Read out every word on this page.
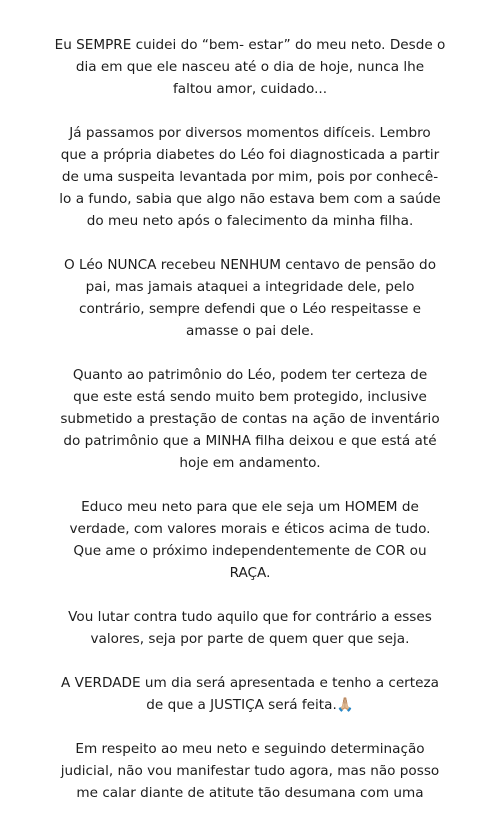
Eu SEMPRE cuidei do “bem- estar” do meu neto. Desde o
dia em que ele nasceu até o dia de hoje, nunca lhe
faltou amor, cuidado...

Já passamos por diversos momentos difíceis. Lembro
que a própria diabetes do Léo foi diagnosticada a partir
de uma suspeita levantada por mim, pois por conhecê-
lo a fundo, sabia que algo não estava bem com a saúde
do meu neto após o falecimento da minha filha.

O Léo NUNCA recebeu NENHUM centavo de pensão do
pai, mas jamais ataquei a integridade dele, pelo
contrário, sempre defendi que o Léo respeitasse e
amasse o pai dele.

Quanto ao patrimônio do Léo, podem ter certeza de
que este está sendo muito bem protegido, inclusive
submetido a prestação de contas na ação de inventário
do patrimônio que a MINHA filha deixou e que está até
hoje em andamento.

Educo meu neto para que ele seja um HOMEM de
verdade, com valores morais e éticos acima de tudo.
Que ame o próximo independentemente de COR ou
RAÇA.

Vou lutar contra tudo aquilo que for contrário a esses
valores, seja por parte de quem quer que seja.

A VERDADE um dia será apresentada e tenho a certeza
de que a JUSTIÇA será feita.🙏🏼

Em respeito ao meu neto e seguindo determinação
judicial, não vou manifestar tudo agora, mas não posso
me calar diante de atitute tão desumana com uma
